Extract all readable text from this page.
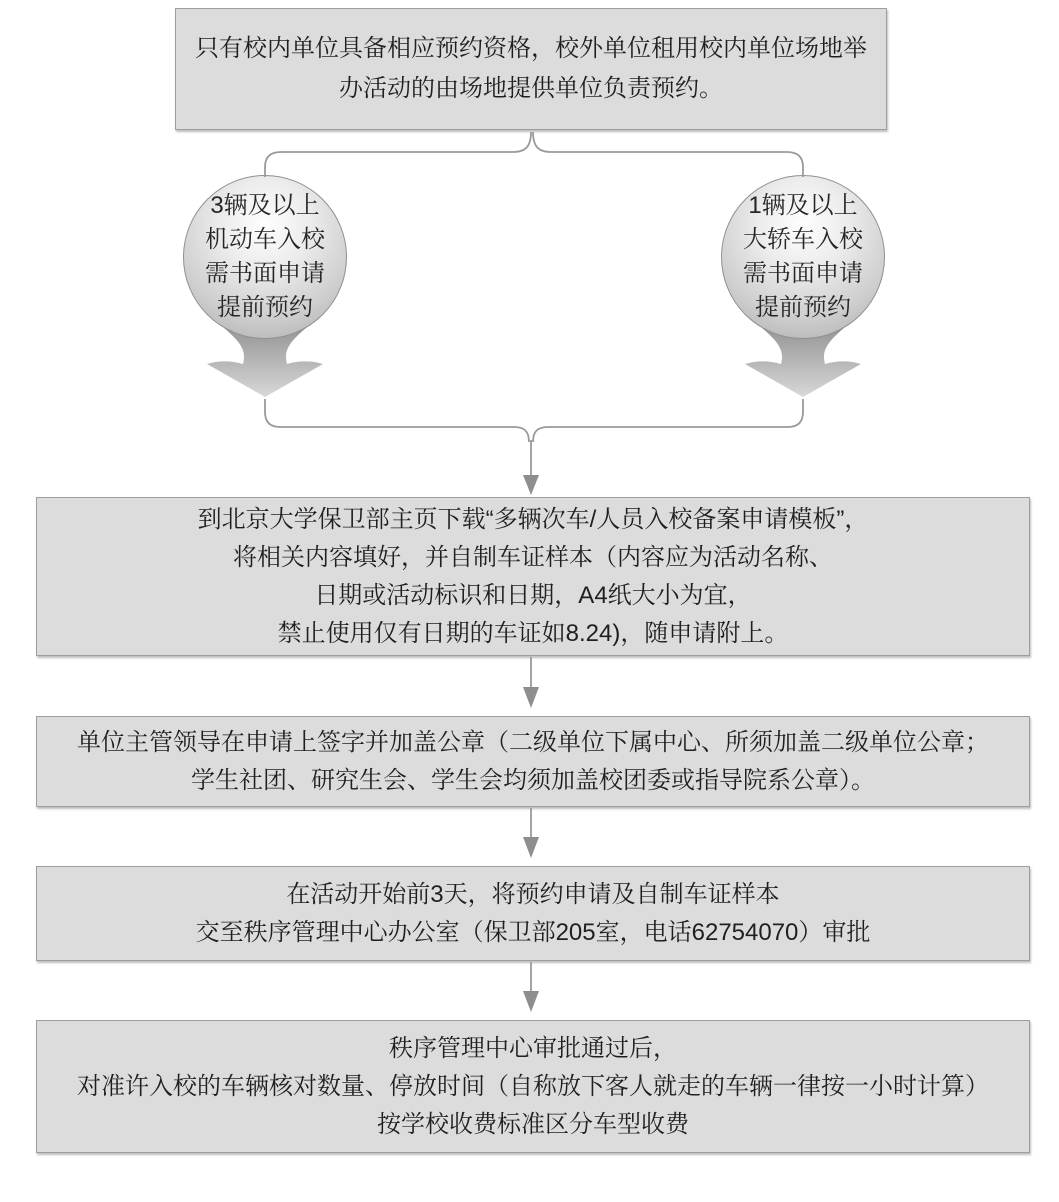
只有校内单位具备相应预约资格，校外单位租用校内单位场地举
办活动的由场地提供单位负责预约。
3辆及以上
机动车入校
需书面申请
提前预约
1辆及以上
大轿车入校
需书面申请
提前预约
到北京大学保卫部主页下载“多辆次车/人员入校备案申请模板”，
将相关内容填好，并自制车证样本（内容应为活动名称、
日期或活动标识和日期，A4纸大小为宜，
禁止使用仅有日期的车证如8.24)，随申请附上。
单位主管领导在申请上签字并加盖公章（二级单位下属中心、所须加盖二级单位公章；
学生社团、研究生会、学生会均须加盖校团委或指导院系公章）。
在活动开始前3天，将预约申请及自制车证样本
交至秩序管理中心办公室（保卫部205室，电话62754070）审批
秩序管理中心审批通过后，
对准许入校的车辆核对数量、停放时间（自称放下客人就走的车辆一律按一小时计算）
按学校收费标准区分车型收费
